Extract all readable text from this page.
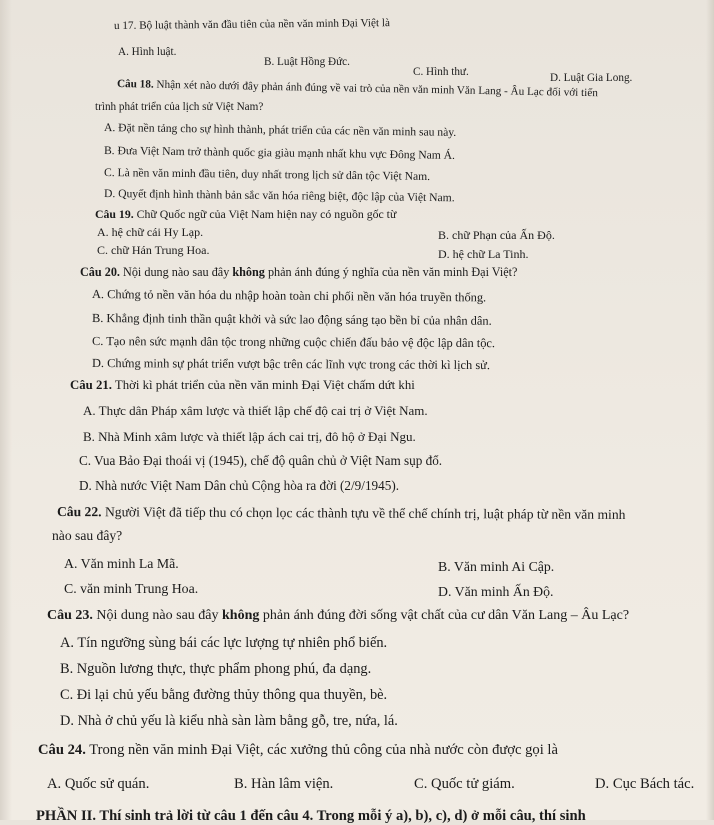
u 17. Bộ luật thành văn đầu tiên của nền văn minh Đại Việt là
A. Hình luật.
B. Luật Hồng Đức.
C. Hình thư.	D. Luật Gia Long.
Câu 18. Nhận xét nào dưới đây phản ánh đúng về vai trò của nền văn minh Văn Lang - Âu Lạc đối với tiến
trình phát triển của lịch sử Việt Nam?
A. Đặt nền tảng cho sự hình thành, phát triển của các nền văn minh sau này.
B. Đưa Việt Nam trở thành quốc gia giàu mạnh nhất khu vực Đông Nam Á.
C. Là nền văn minh đầu tiên, duy nhất trong lịch sử dân tộc Việt Nam.
D. Quyết định hình thành bản sắc văn hóa riêng biệt, độc lập của Việt Nam.
Câu 19. Chữ Quốc ngữ của Việt Nam hiện nay có nguồn gốc từ
A. hệ chữ cái Hy Lạp.	B. chữ Phạn của Ấn Độ.
C. chữ Hán Trung Hoa.	D. hệ chữ La Tinh.
Câu 20. Nội dung nào sau đây không phản ánh đúng ý nghĩa của nền văn minh Đại Việt?
A. Chứng tỏ nền văn hóa du nhập hoàn toàn chi phối nền văn hóa truyền thống.
B. Khẳng định tinh thần quật khởi và sức lao động sáng tạo bền bỉ của nhân dân.
C. Tạo nên sức mạnh dân tộc trong những cuộc chiến đấu bảo vệ độc lập dân tộc.
D. Chứng minh sự phát triển vượt bậc trên các lĩnh vực trong các thời kì lịch sử.
Câu 21. Thời kì phát triển của nền văn minh Đại Việt chấm dứt khi
A. Thực dân Pháp xâm lược và thiết lập chế độ cai trị ở Việt Nam.
B. Nhà Minh xâm lược và thiết lập ách cai trị, đô hộ ở Đại Ngu.
C. Vua Bảo Đại thoái vị (1945), chế độ quân chủ ở Việt Nam sụp đổ.
D. Nhà nước Việt Nam Dân chủ Cộng hòa ra đời (2/9/1945).
Câu 22. Người Việt đã tiếp thu có chọn lọc các thành tựu về thể chế chính trị, luật pháp từ nền văn minh
nào sau đây?
A. Văn minh La Mã.	B. Văn minh Ai Cập.
C. văn minh Trung Hoa.	D. Văn minh Ấn Độ.
Câu 23. Nội dung nào sau đây không phản ánh đúng đời sống vật chất của cư dân Văn Lang – Âu Lạc?
A. Tín ngưỡng sùng bái các lực lượng tự nhiên phổ biến.
B. Nguồn lương thực, thực phẩm phong phú, đa dạng.
C. Đi lại chủ yếu bằng đường thủy thông qua thuyền, bè.
D. Nhà ở chủ yếu là kiểu nhà sàn làm bằng gỗ, tre, nứa, lá.
Câu 24. Trong nền văn minh Đại Việt, các xưởng thủ công của nhà nước còn được gọi là
A. Quốc sử quán.	B. Hàn lâm viện.	C. Quốc tử giám.	D. Cục Bách tác.
PHẦN II. Thí sinh trả lời từ câu 1 đến câu 4. Trong mỗi ý a), b), c), d) ở mỗi câu, thí sinh
